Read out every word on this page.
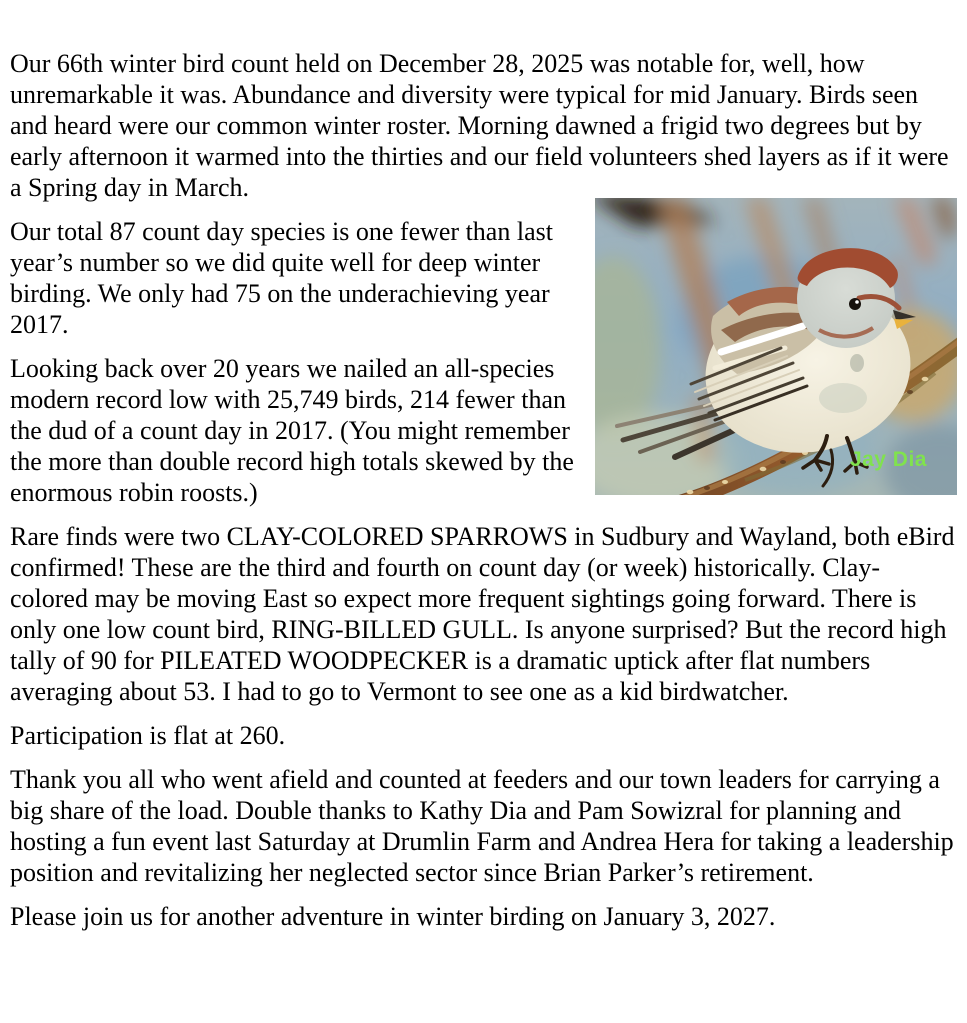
Our 66th winter bird count held on December 28, 2025 was notable for, well, how unremarkable it was. Abundance and diversity were typical for mid January. Birds seen and heard were our common winter roster. Morning dawned a frigid two degrees but by early afternoon it warmed into the thirties and our field volunteers shed layers as if it were a Spring day in March.

Jay Dia

Our total 87 count day species is one fewer than last year’s number so we did quite well for deep winter birding. We only had 75 on the underachieving year 2017.

Looking back over 20 years we nailed an all-species modern record low with 25,749 birds, 214 fewer than the dud of a count day in 2017. (You might remember the more than double record high totals skewed by the enormous robin roosts.)

Rare finds were two CLAY-COLORED SPARROWS in Sudbury and Wayland, both eBird confirmed! These are the third and fourth on count day (or week) historically. Clay-colored may be moving East so expect more frequent sightings going forward. There is only one low count bird, RING-BILLED GULL. Is anyone surprised? But the record high tally of 90 for PILEATED WOODPECKER is a dramatic uptick after flat numbers averaging about 53. I had to go to Vermont to see one as a kid birdwatcher.

Participation is flat at 260.

Thank you all who went afield and counted at feeders and our town leaders for carrying a big share of the load. Double thanks to Kathy Dia and Pam Sowizral for planning and hosting a fun event last Saturday at Drumlin Farm and Andrea Hera for taking a leadership position and revitalizing her neglected sector since Brian Parker’s retirement.

Please join us for another adventure in winter birding on January 3, 2027.
